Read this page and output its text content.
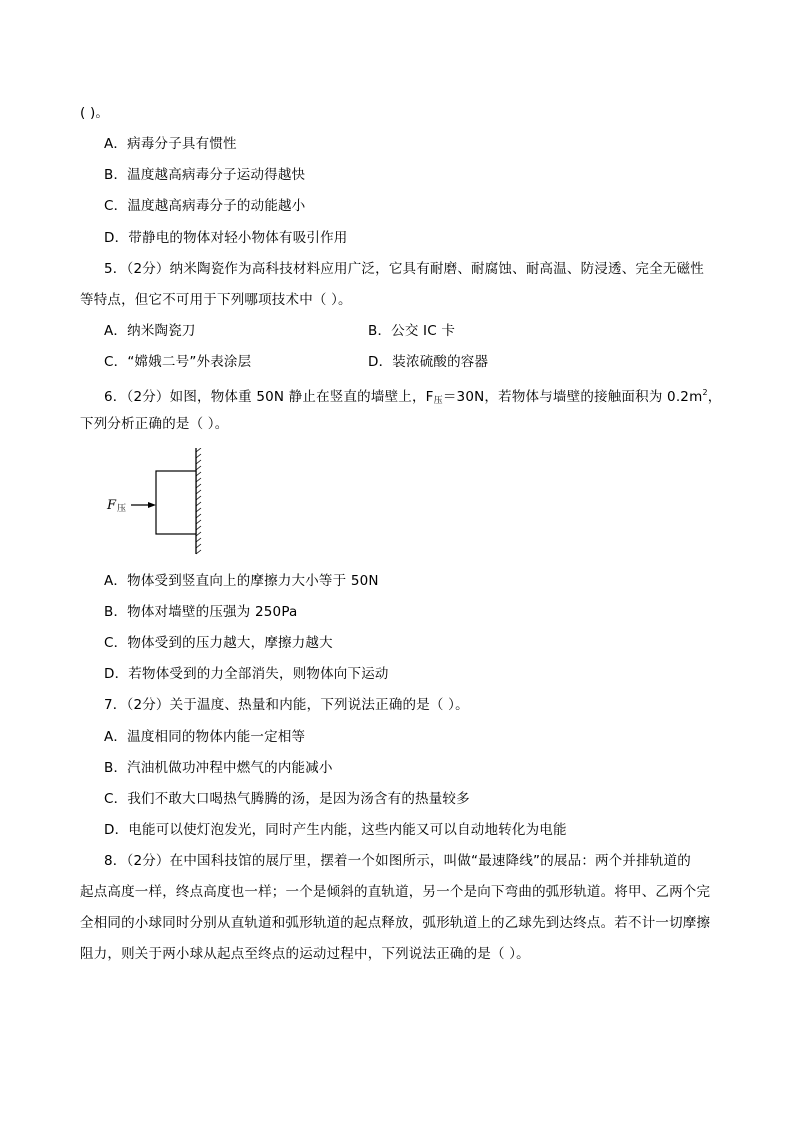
( )。
A．病毒分子具有惯性
B．温度越高病毒分子运动得越快
C．温度越高病毒分子的动能越小
D．带静电的物体对轻小物体有吸引作用
5．（2分）纳米陶瓷作为高科技材料应用广泛，它具有耐磨、耐腐蚀、耐高温、防浸透、完全无磁性
等特点，但它不可用于下列哪项技术中（ ）。
A．纳米陶瓷刀	B．公交 IC 卡
C．“嫦娥二号”外表涂层	D．装浓硫酸的容器
6．（2分）如图，物体重 50N 静止在竖直的墙壁上，$F_压=30N$，若物体与墙壁的接触面积为 $0.2m^2$，
下列分析正确的是（ ）。
F 压
A．物体受到竖直向上的摩擦力大小等于 50N
B．物体对墙壁的压强为 250Pa
C．物体受到的压力越大，摩擦力越大
D．若物体受到的力全部消失，则物体向下运动
7．（2分）关于温度、热量和内能，下列说法正确的是（ ）。
A．温度相同的物体内能一定相等
B．汽油机做功冲程中燃气的内能减小
C．我们不敢大口喝热气腾腾的汤，是因为汤含有的热量较多
D．电能可以使灯泡发光，同时产生内能，这些内能又可以自动地转化为电能
8．（2分）在中国科技馆的展厅里，摆着一个如图所示，叫做“最速降线”的展品：两个并排轨道的
起点高度一样，终点高度也一样；一个是倾斜的直轨道，另一个是向下弯曲的弧形轨道。将甲、乙两个完
全相同的小球同时分别从直轨道和弧形轨道的起点释放，弧形轨道上的乙球先到达终点。若不计一切摩擦
阻力，则关于两小球从起点至终点的运动过程中，下列说法正确的是（ ）。
